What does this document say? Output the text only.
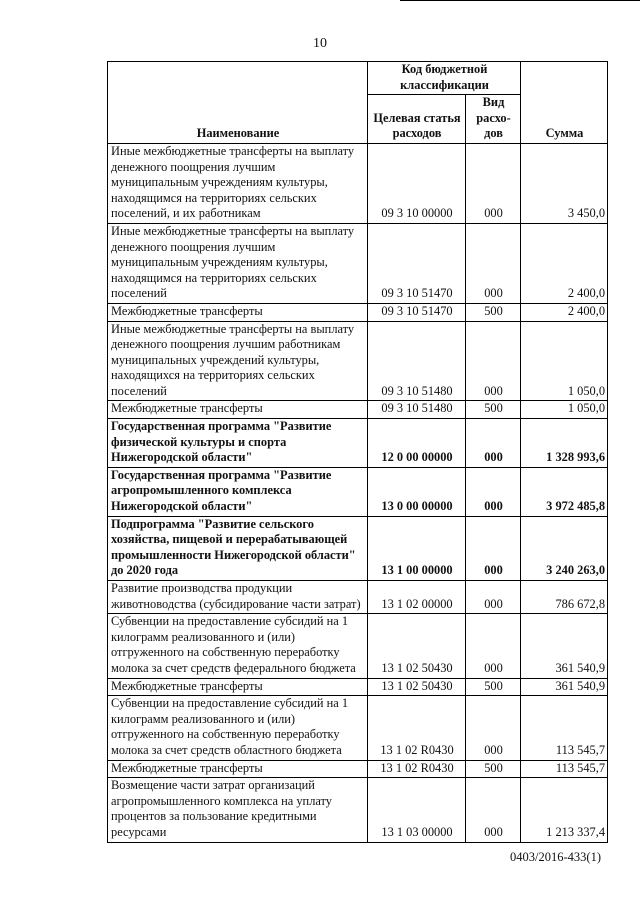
10
Наименование	Код бюджетной классификации		Сумма
	Целевая статья расходов	Вид расхо-дов	
Иные межбюджетные трансферты на выплату денежного поощрения лучшим муниципальным учреждениям культуры, находящимся на территориях сельских поселений, и их работникам	09 3 10 00000	000	3 450,0
Иные межбюджетные трансферты на выплату денежного поощрения лучшим муниципальным учреждениям культуры, находящимся на территориях сельских поселений	09 3 10 51470	000	2 400,0
Межбюджетные трансферты	09 3 10 51470	500	2 400,0
Иные межбюджетные трансферты на выплату денежного поощрения лучшим работникам муниципальных учреждений культуры, находящихся на территориях сельских поселений	09 3 10 51480	000	1 050,0
Межбюджетные трансферты	09 3 10 51480	500	1 050,0
Государственная программа "Развитие физической культуры и спорта Нижегородской области"	12 0 00 00000	000	1 328 993,6
Государственная программа "Развитие агропромышленного комплекса Нижегородской области"	13 0 00 00000	000	3 972 485,8
Подпрограмма "Развитие сельского хозяйства, пищевой и перерабатывающей промышленности Нижегородской области" до 2020 года	13 1 00 00000	000	3 240 263,0
Развитие производства продукции животноводства (субсидирование части затрат)	13 1 02 00000	000	786 672,8
Субвенции на предоставление субсидий на 1 килограмм реализованного и (или) отгруженного на собственную переработку молока за счет средств федерального бюджета	13 1 02 50430	000	361 540,9
Межбюджетные трансферты	13 1 02 50430	500	361 540,9
Субвенции на предоставление субсидий на 1 килограмм реализованного и (или) отгруженного на собственную переработку молока за счет средств областного бюджета	13 1 02 R0430	000	113 545,7
Межбюджетные трансферты	13 1 02 R0430	500	113 545,7
Возмещение части затрат организаций агропромышленного комплекса на уплату процентов за пользование кредитными ресурсами	13 1 03 00000	000	1 213 337,4
0403/2016-433(1)
